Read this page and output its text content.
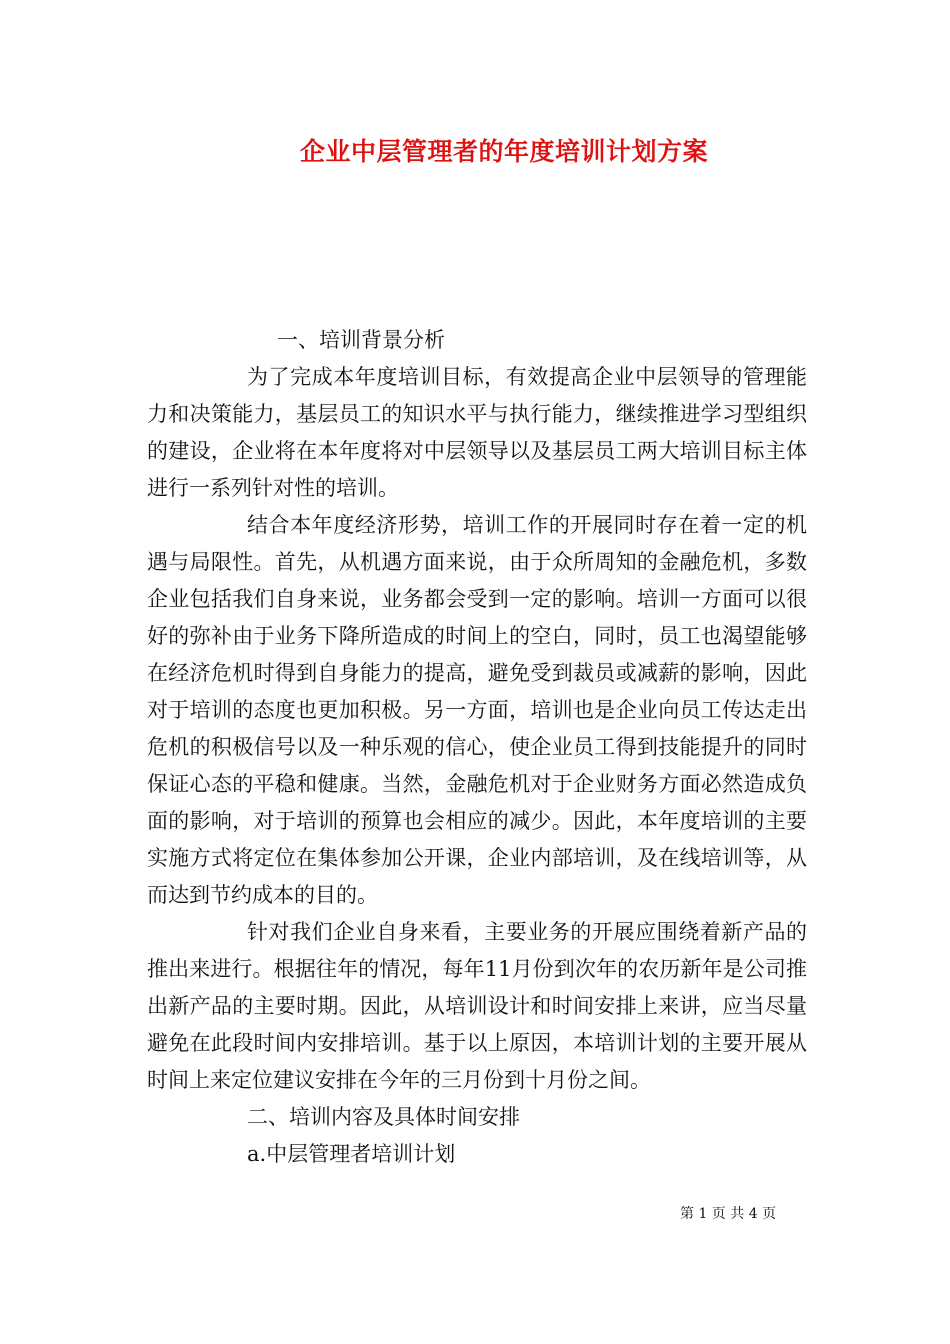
企业中层管理者的年度培训计划方案
一、培训背景分析

为了完成本年度培训目标，有效提高企业中层领导的管理能力和决策能力，基层员工的知识水平与执行能力，继续推进学习型组织的建设，企业将在本年度将对中层领导以及基层员工两大培训目标主体进行一系列针对性的培训。

结合本年度经济形势，培训工作的开展同时存在着一定的机遇与局限性。首先，从机遇方面来说，由于众所周知的金融危机，多数企业包括我们自身来说，业务都会受到一定的影响。培训一方面可以很好的弥补由于业务下降所造成的时间上的空白，同时，员工也渴望能够在经济危机时得到自身能力的提高，避免受到裁员或减薪的影响，因此对于培训的态度也更加积极。另一方面，培训也是企业向员工传达走出危机的积极信号以及一种乐观的信心，使企业员工得到技能提升的同时保证心态的平稳和健康。当然，金融危机对于企业财务方面必然造成负面的影响，对于培训的预算也会相应的减少。因此，本年度培训的主要实施方式将定位在集体参加公开课，企业内部培训，及在线培训等，从而达到节约成本的目的。

针对我们企业自身来看，主要业务的开展应围绕着新产品的推出来进行。根据往年的情况，每年11月份到次年的农历新年是公司推出新产品的主要时期。因此，从培训设计和时间安排上来讲，应当尽量避免在此段时间内安排培训。基于以上原因，本培训计划的主要开展从时间上来定位建议安排在今年的三月份到十月份之间。

二、培训内容及具体时间安排
a.中层管理者培训计划
第 1 页 共 4 页
